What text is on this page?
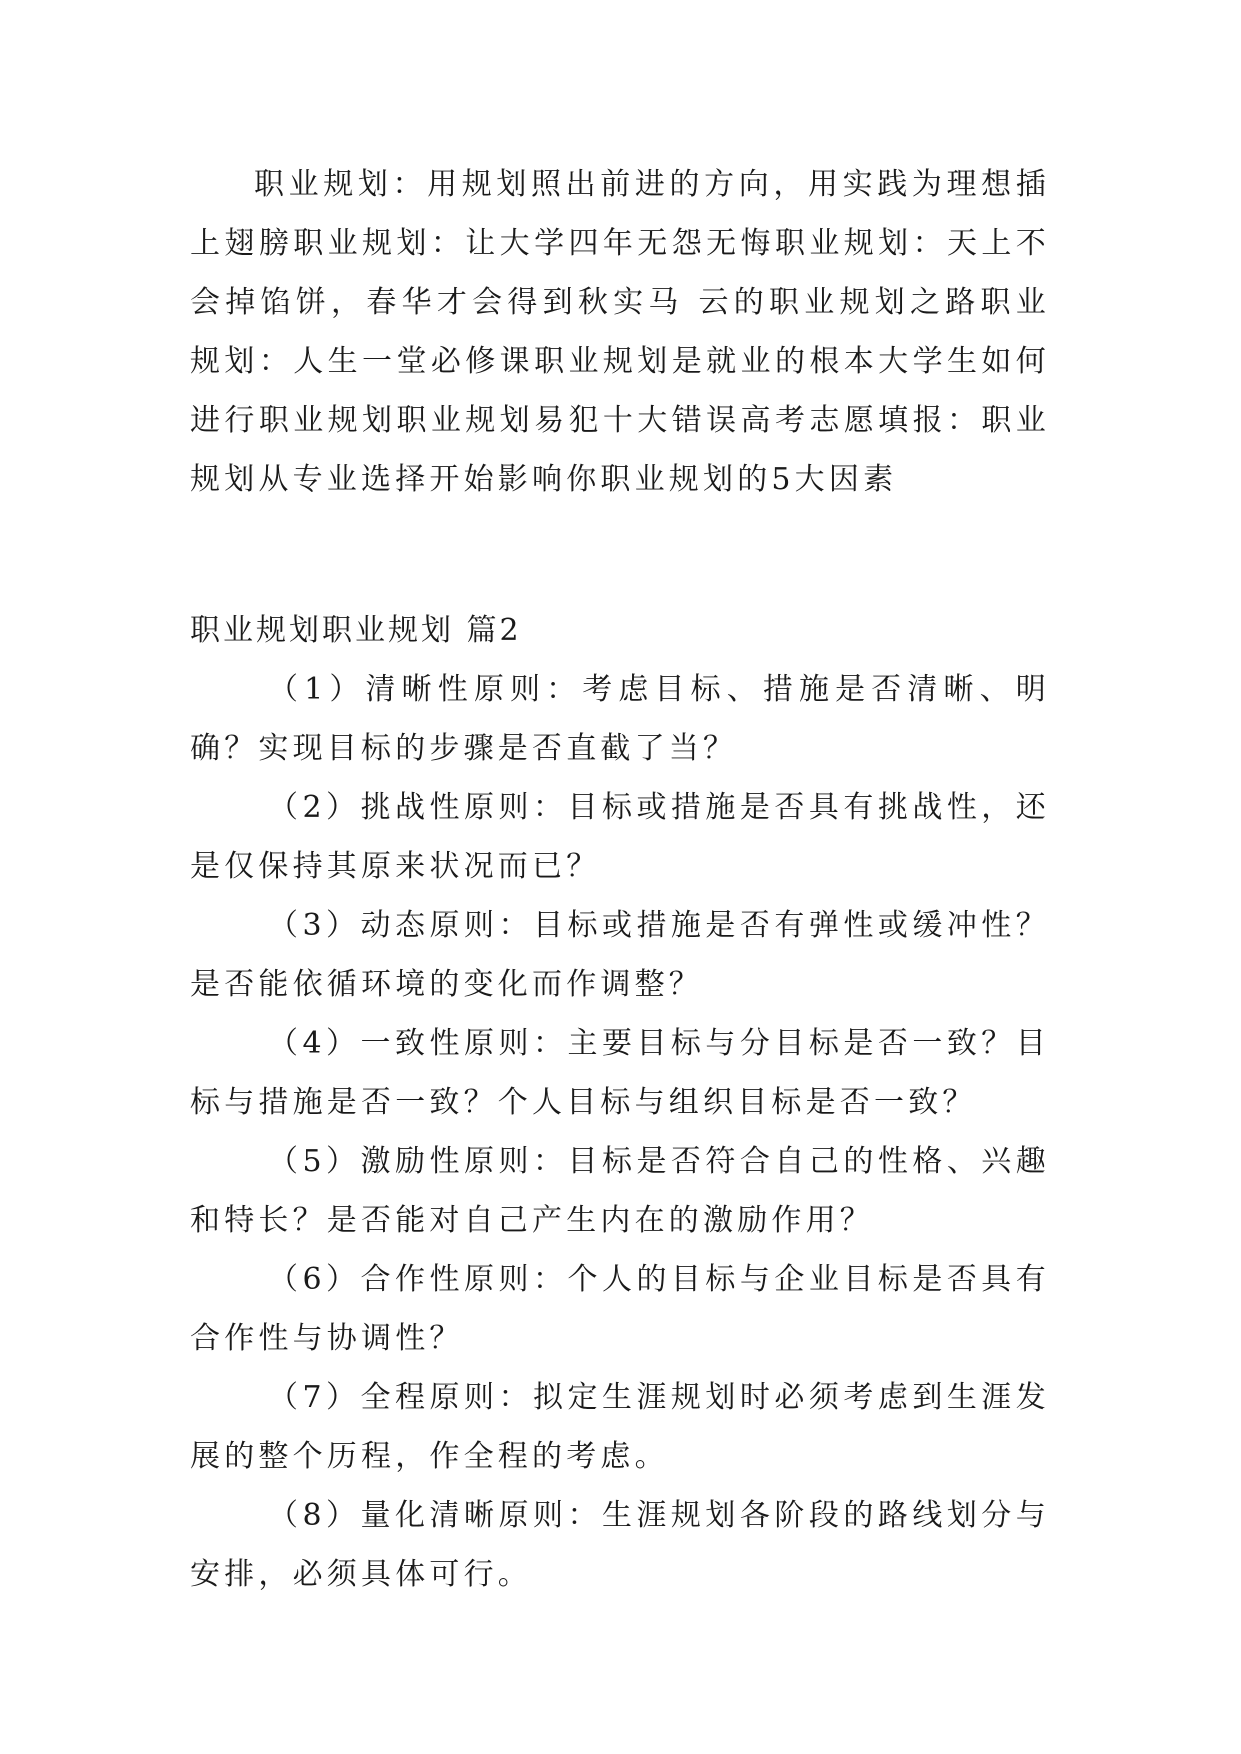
职业规划：用规划照出前进的方向，用实践为理想插上翅膀职业规划：让大学四年无怨无悔职业规划：天上不会掉馅饼，春华才会得到秋实马 云的职业规划之路职业规划：人生一堂必修课职业规划是就业的根本大学生如何进行职业规划职业规划易犯十大错误高考志愿填报：职业规划从专业选择开始影响你职业规划的5大因素

职业规划职业规划 篇2

（1）清晰性原则：考虑目标、措施是否清晰、明确？实现目标的步骤是否直截了当？

（2）挑战性原则：目标或措施是否具有挑战性，还是仅保持其原来状况而已？

（3）动态原则：目标或措施是否有弹性或缓冲性？是否能依循环境的变化而作调整？

（4）一致性原则：主要目标与分目标是否一致？目标与措施是否一致？个人目标与组织目标是否一致？

（5）激励性原则：目标是否符合自己的性格、兴趣和特长？是否能对自己产生内在的激励作用？

（6）合作性原则：个人的目标与企业目标是否具有合作性与协调性？

（7）全程原则：拟定生涯规划时必须考虑到生涯发展的整个历程，作全程的考虑。

（8）量化清晰原则：生涯规划各阶段的路线划分与安排，必须具体可行。
